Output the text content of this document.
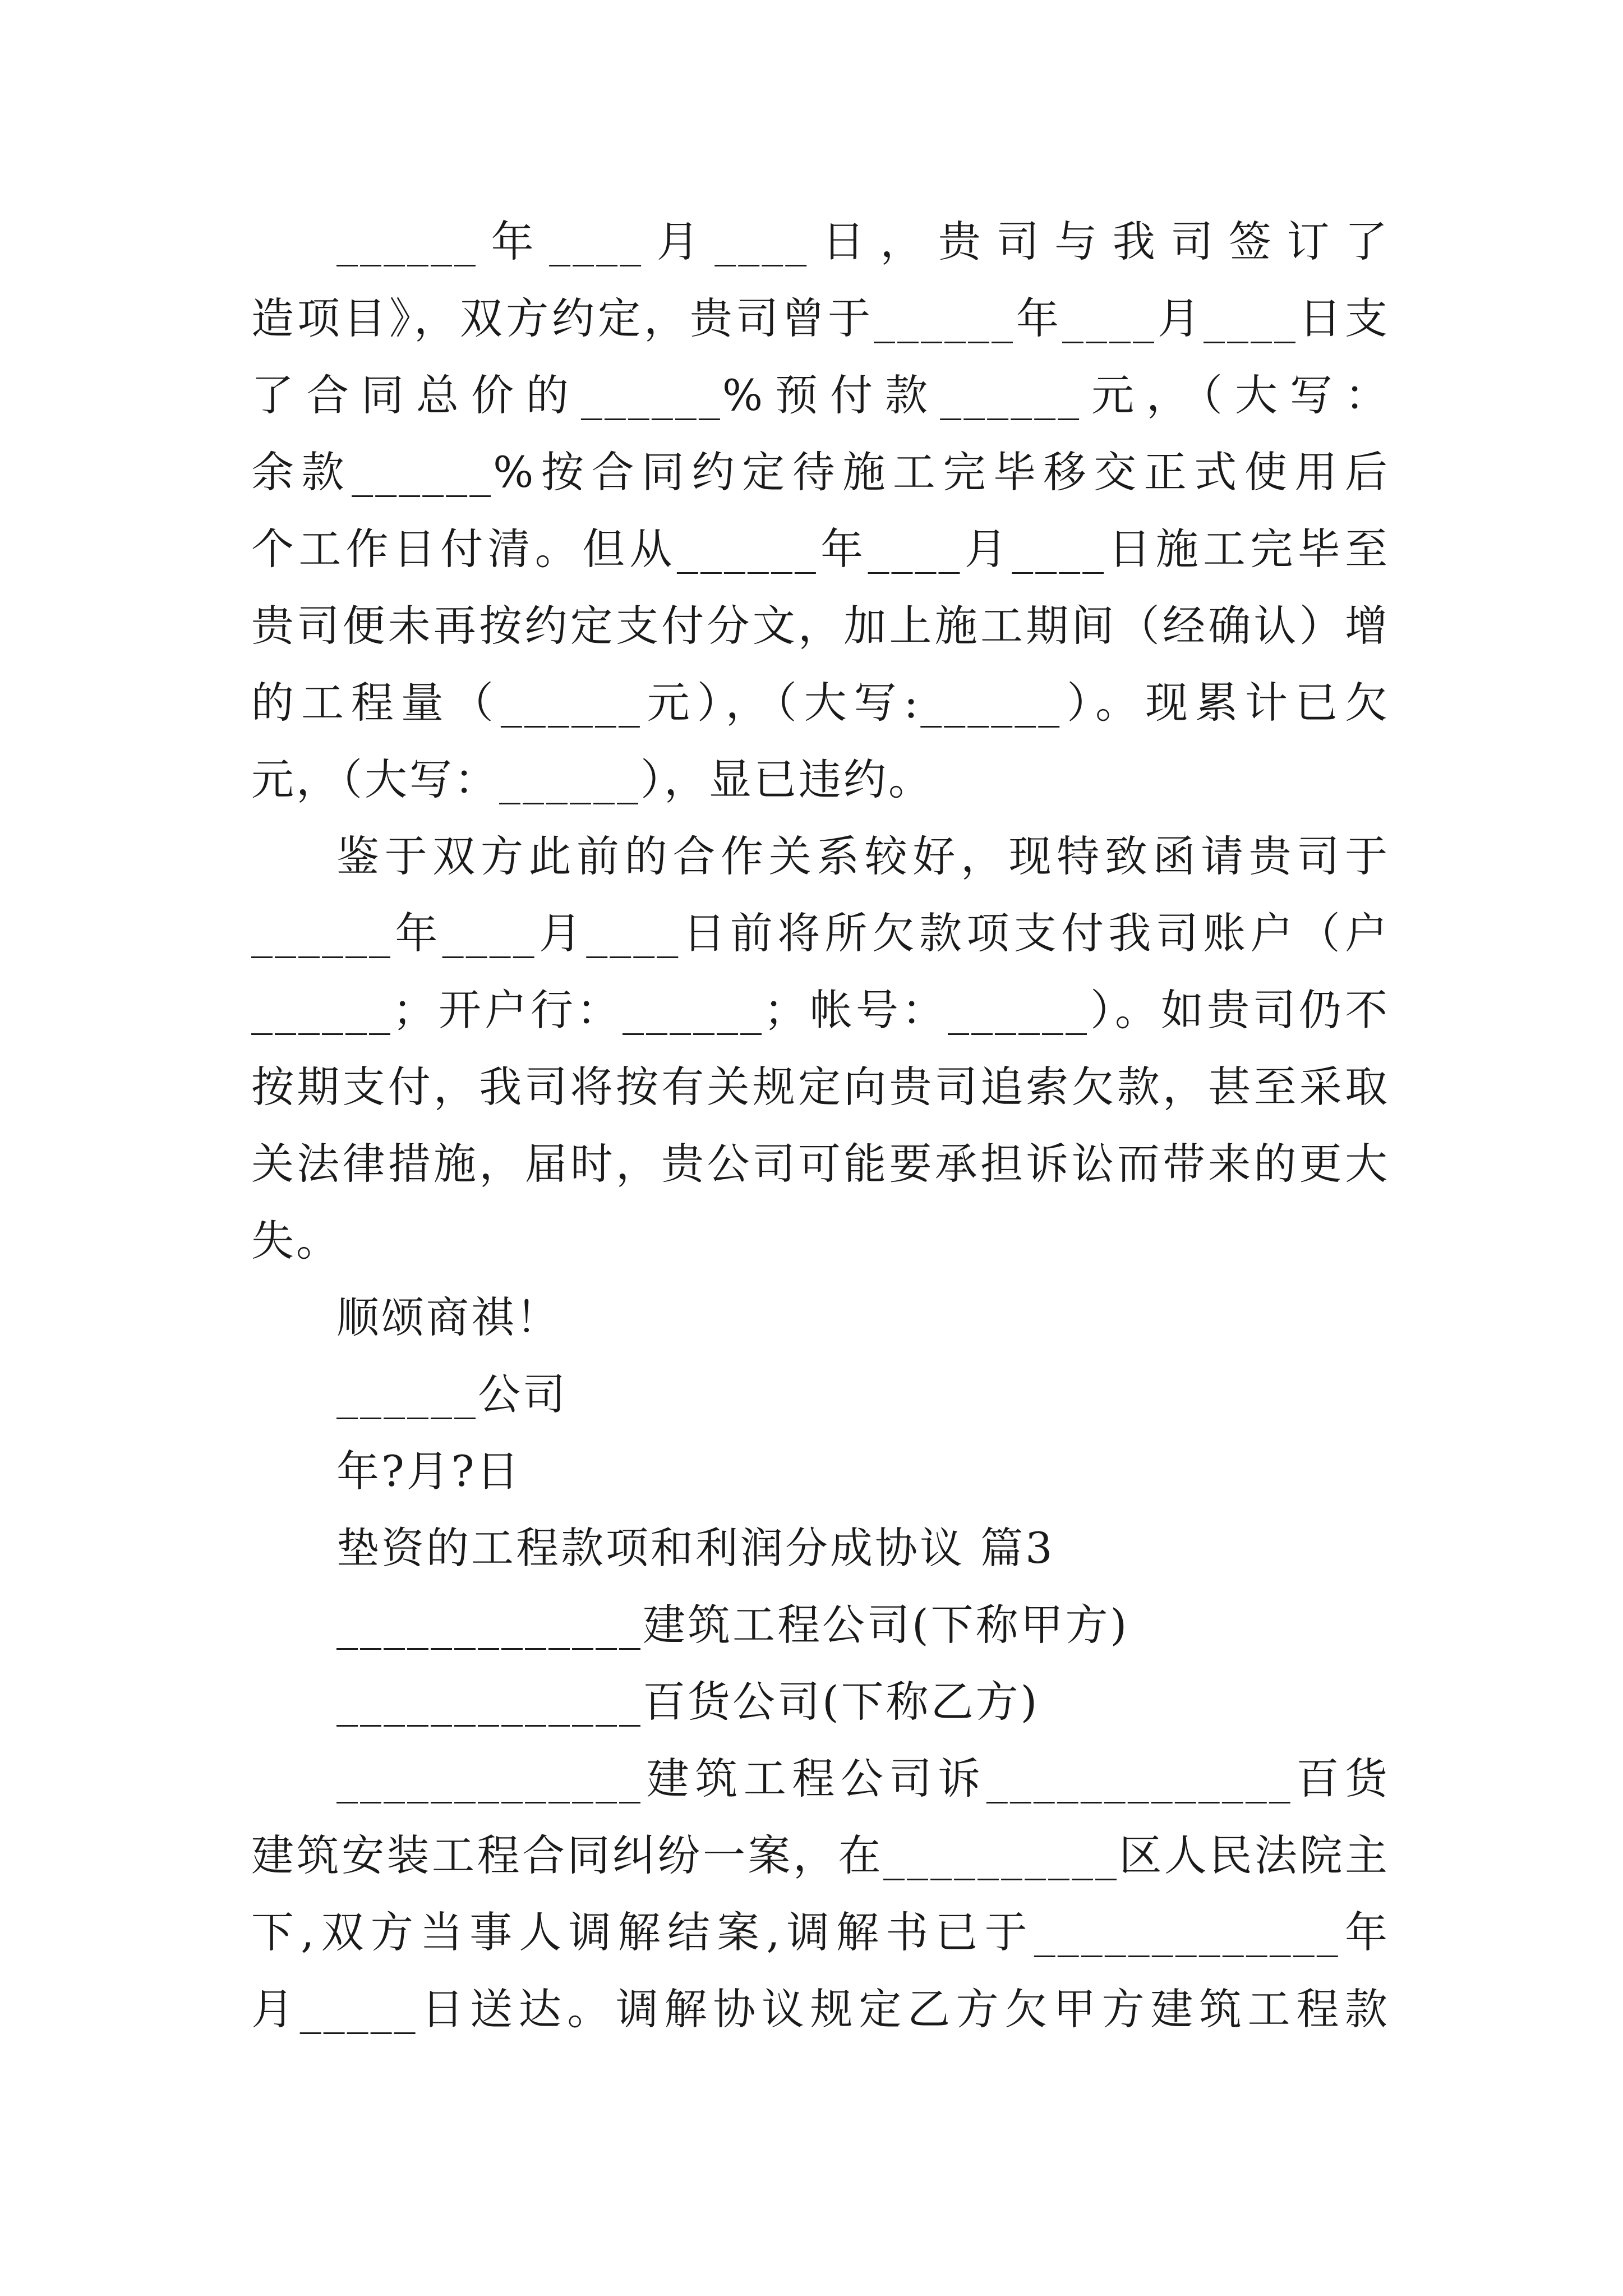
______年____月____日，贵司与我司签订了
造项目》，双方约定，贵司曾于______年____月____日支
了合同总价的______%预付款______元，（大写：
余款______%按合同约定待施工完毕移交正式使用后
个工作日付清。但从______年____月____日施工完毕至
贵司便未再按约定支付分文，加上施工期间（经确认）增
的工程量（______元），（大写:______）。现累计已欠
元，（大写：______），显已违约。
鉴于双方此前的合作关系较好，现特致函请贵司于
______年____月____日前将所欠款项支付我司账户（户
______；开户行：______；帐号：______）。如贵司仍不
按期支付，我司将按有关规定向贵司追索欠款，甚至采取
关法律措施，届时，贵公司可能要承担诉讼而带来的更大
失。
顺颂商祺！
______公司
年?月?日
垫资的工程款项和利润分成协议 篇3
_____________建筑工程公司(下称甲方)
_____________百货公司(下称乙方)
_____________建筑工程公司诉_____________百货
建筑安装工程合同纠纷一案，在__________区人民法院主
下,双方当事人调解结案,调解书已于_____________年
月_____日送达。调解协议规定乙方欠甲方建筑工程款
